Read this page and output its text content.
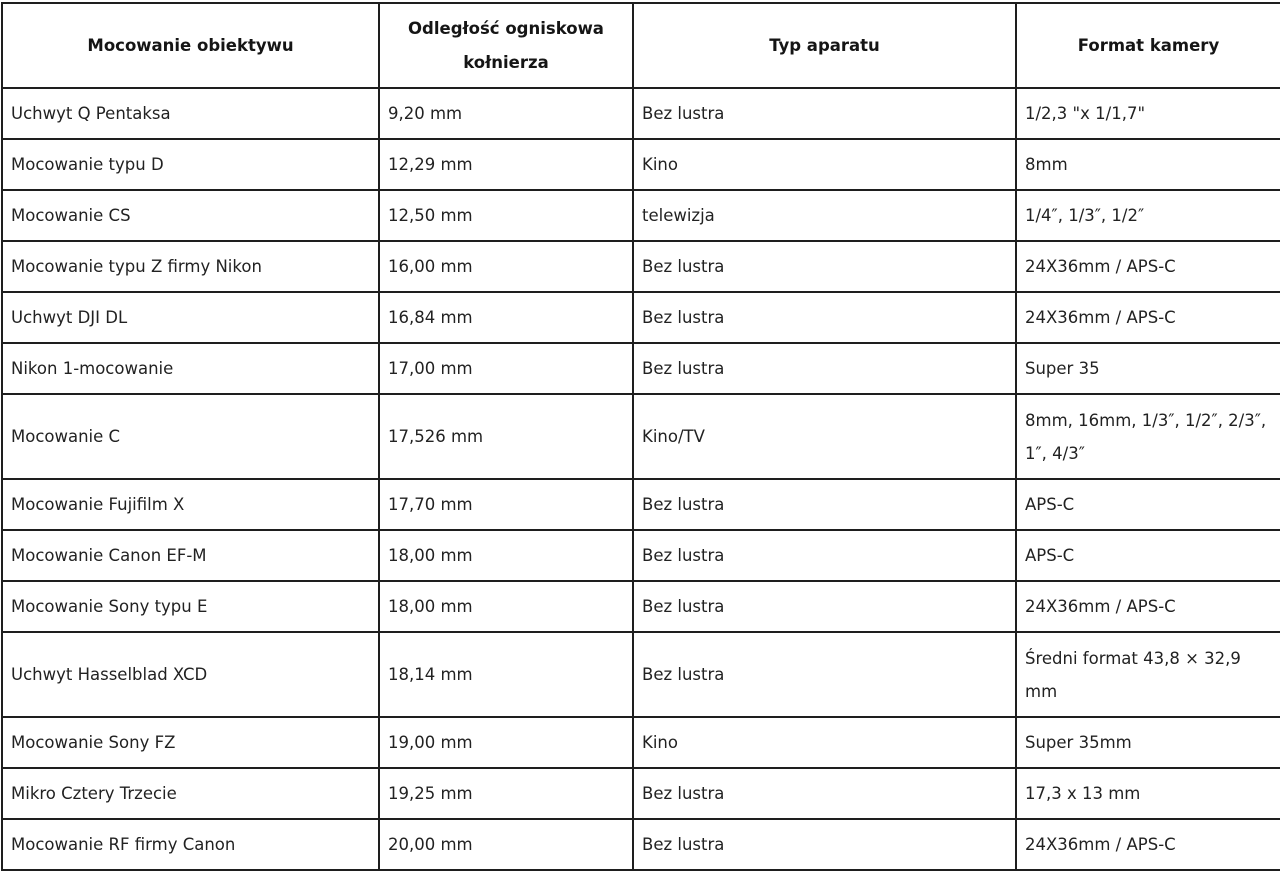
Mocowanie obiektywu	Odległość ogniskowa kołnierza	Typ aparatu	Format kamery
Uchwyt Q Pentaksa	9,20 mm	Bez lustra	1/2,3 "x 1/1,7"
Mocowanie typu D	12,29 mm	Kino	8mm
Mocowanie CS	12,50 mm	telewizja	1/4″, 1/3″, 1/2″
Mocowanie typu Z firmy Nikon	16,00 mm	Bez lustra	24X36mm / APS-C
Uchwyt DJI DL	16,84 mm	Bez lustra	24X36mm / APS-C
Nikon 1-mocowanie	17,00 mm	Bez lustra	Super 35
Mocowanie C	17,526 mm	Kino/TV	8mm, 16mm, 1/3″, 1/2″, 2/3″, 1″, 4/3″
Mocowanie Fujifilm X	17,70 mm	Bez lustra	APS-C
Mocowanie Canon EF-M	18,00 mm	Bez lustra	APS-C
Mocowanie Sony typu E	18,00 mm	Bez lustra	24X36mm / APS-C
Uchwyt Hasselblad XCD	18,14 mm	Bez lustra	Średni format 43,8 × 32,9 mm
Mocowanie Sony FZ	19,00 mm	Kino	Super 35mm
Mikro Cztery Trzecie	19,25 mm	Bez lustra	17,3 x 13 mm
Mocowanie RF firmy Canon	20,00 mm	Bez lustra	24X36mm / APS-C
